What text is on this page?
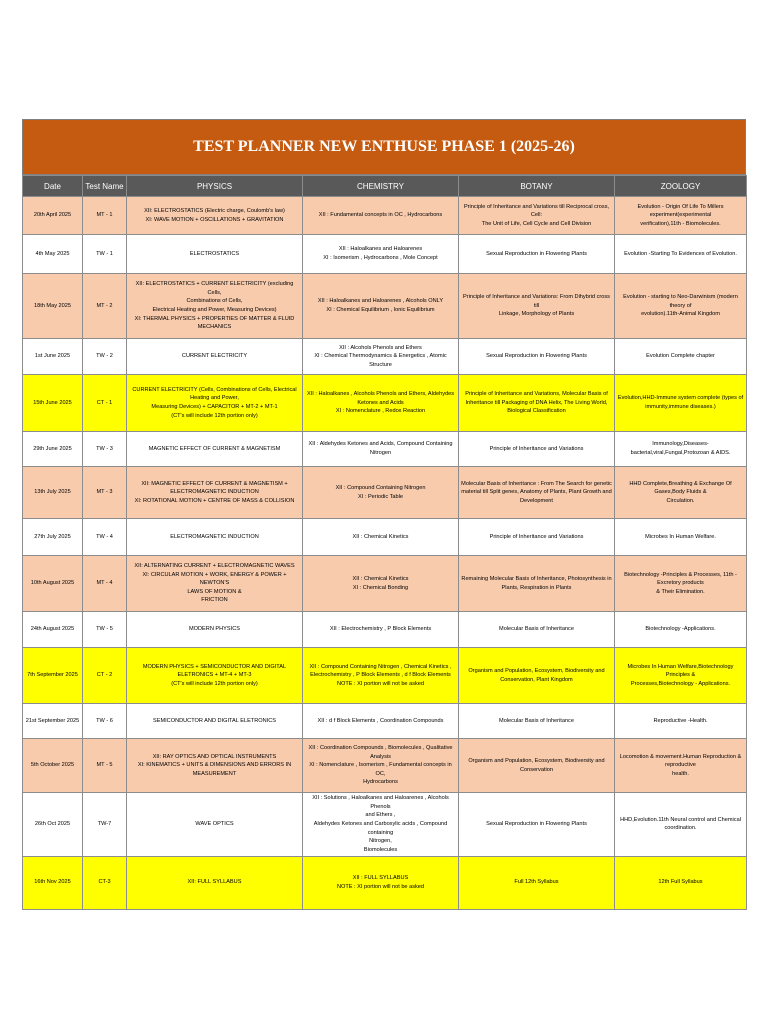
TEST PLANNER NEW ENTHUSE PHASE 1 (2025-26)
Date	Test Name	PHYSICS	CHEMISTRY	BOTANY	ZOOLOGY
20th April 2025	MT - 1	XII: ELECTROSTATICS (Electric charge, Coulomb's law)
XI: WAVE MOTION + OSCILLATIONS + GRAVITATION	XII : Fundamental concepts in OC , Hydrocarbons	Principle of Inheritance and Variations till Reciprocal cross, Cell:
The Unit of Life, Cell Cycle and Cell Division	Evolution - Origin Of Life To Millers experiment(experimental
verification),11th - Biomolecules.

4th May 2025	TW - 1	ELECTROSTATICS	XII : Haloalkanes and Haloarenes
XI : Isomerism , Hydrocarbons , Mole Concept	Sexual Reproduction in Flowering Plants	Evolution -Starting To Evidences of Evolution.

18th May 2025	MT - 2	XII: ELECTROSTATICS + CURRENT ELECTRICITY (excluding Cells,
Combinations of Cells,
Electrical Heating and Power, Measuring Devices)
XI: THERMAL PHYSICS + PROPERTIES OF MATTER & FLUID
MECHANICS	XII : Haloalkanes and Haloarenes , Alcohols ONLY
XI : Chemical Equilibrium , Ionic Equilibrium	Principle of Inheritance and Variations: From Dihybrid cross till
Linkage, Morphology of Plants	Evolution - starting to Neo-Darwinism (modern theory of
evolution).11th-Animal Kingdom

1st June 2025	TW - 2	CURRENT ELECTRICITY	XII : Alcohols Phenols and Ethers
XI : Chemical Thermodynamics & Energetics , Atomic Structure	Sexual Reproduction in Flowering Plants	Evolution Complete chapter

15th June 2025	CT - 1	CURRENT ELECTRICITY (Cells, Combinations of Cells, Electrical
Heating and Power,
Measuring Devices) + CAPACITOR + MT-2 + MT-1
(CT's will include 12th portion only)	XII : Haloalkanes , Alcohols Phenols and Ethers, Aldehydes
Ketones and Acids
XI : Nomenclature , Redox Reaction	Principle of Inheritance and Variations, Molecular Basis of
Inheritance till Packaging of DNA Helix, The Living World,
Biological Classification	Evolution,HHD-Immune system complete (types of
immunity,immune diseases.)

29th June 2025	TW - 3	MAGNETIC EFFECT OF CURRENT & MAGNETISM	XII : Aldehydes Ketones and Acids, Compound Containing
Nitrogen	Principle of Inheritance and Variations	Immunology,Diseases-bacterial,viral,Fungal,Protozoan & AIDS.

13th July 2025	MT - 3	XII: MAGNETIC EFFECT OF CURRENT & MAGNETISM +
ELECTROMAGNETIC INDUCTION
XI: ROTATIONAL MOTION + CENTRE OF MASS & COLLISION	XII : Compound Containing Nitrogen
XI : Periodic Table	Molecular Basis of Inheritance : From The Search for genetic
material till Split genes, Anatomy of Plants, Plant Growth and
Development	HHD Complete,Breathing & Exchange Of Gases,Body Fluids &
Circulation.

27th July 2025	TW - 4	ELECTROMAGNETIC INDUCTION	XII : Chemical Kinetics	Principle of Inheritance and Variations	Microbes In Human Welfare.

10th August 2025	MT - 4	XII: ALTERNATING CURRENT + ELECTROMAGNETIC WAVES
XI: CIRCULAR MOTION + WORK, ENERGY & POWER + NEWTON'S
LAWS OF MOTION &
FRICTION	XII : Chemical Kinetics
XI : Chemical Bonding	Remaining Molecular Basis of Inheritance, Photosynthesis in
Plants, Respiration in Plants	Biotechnology -Principles & Processes, 11th - Excretory products
& Their Elimination.

24th August 2025	TW - 5	MODERN PHYSICS	XII : Electrochemistry , P Block Elements	Molecular Basis of Inheritance	Biotechnology -Applications.

7th September 2025	CT - 2	MODERN PHYSICS + SEMICONDUCTOR AND DIGITAL
ELETRONICS + MT-4 + MT-3
(CT's will include 12th portion only)	XII : Compound Containing Nitrogen , Chemical Kinetics ,
Electrochemistry , P Block Elements , d f Block Elements
NOTE : XI portion will not be asked	Organism and Population, Ecosystem, Biodiversity and
Conservation, Plant Kingdom	Microbes In Human Welfare,Biotechnology Principles &
Processes,Biotechnology - Applications.

21st September 2025	TW - 6	SEMICONDUCTOR AND DIGITAL ELETRONICS	XII : d f Block Elements , Coordination Compounds	Molecular Basis of Inheritance	Reproductive -Health.

5th October 2025	MT - 5	XII: RAY OPTICS AND OPTICAL INSTRUMENTS
XI: KINEMATICS + UNITS & DIMENSIONS AND ERRORS IN
MEASUREMENT	XII : Coordination Compounds , Biomolecules , Qualitative
Analysis
XI : Nomenclature , Isomerism , Fundamental concepts in OC,
Hydrocarbons	Organism and Population, Ecosystem, Biodiversity and
Conservation	Locomotion & movement.Human Reproduction & reproductive
health.

26th Oct 2025	TW-7	WAVE OPTICS	XII : Solutions , Haloalkanes and Haloarenes , Alcohols Phenols
and Ethers ,
Aldehydes Ketones and Carboxylic acids , Compound containing
Nitrogen,
Biomolecules	Sexual Reproduction in Flowering Plants	HHD,Evolution.11th Neural control and Chemical coordination.

16th Nov 2025	CT-3	XII: FULL SYLLABUS	XII : FULL SYLLABUS
NOTE : XI portion will not be asked	Full 12th Syllabus	12th Full Syllabus
